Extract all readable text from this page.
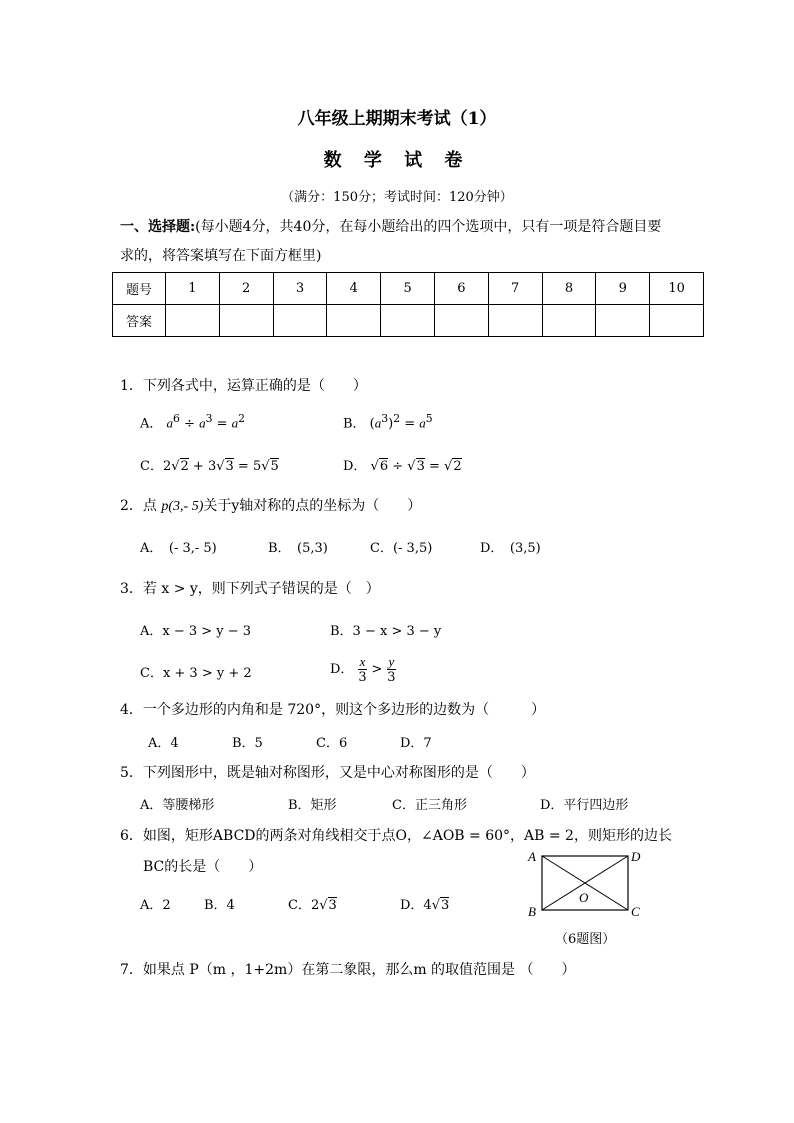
八年级上期期末考试（1）
数 学 试 卷
（满分：150分；考试时间：120分钟）
一、选择题:(每小题4分，共40分，在每小题给出的四个选项中，只有一项是符合题目要
求的，将答案填写在下面方框里)
题号	1	2	3	4	5	6	7	8	9	10
答案										
1．下列各式中，运算正确的是（　　）
A． $a^6 \div a^3 = a^2$	B． $(a^3)^2 = a^5$
C．2√2 + 3√3 = 5√5	D． √6 ÷ √3 = √2
2．点 p(3,- 5)关于y轴对称的点的坐标为（　　）
A．　(- 3,- 5)	B．　(5,3)	C．(- 3,5)	D．　(3,5)
3．若 x > y，则下列式子错误的是（　）
A．x − 3 > y − 3	B．3 − x > 3 − y
C．x + 3 > y + 2	D． $\frac{x}{3} > \frac{y}{3}$
4．一个多边形的内角和是 720°，则这个多边形的边数为（　　　）
A．4	B．5	C．6	D．7
5．下列图形中，既是轴对称图形，又是中心对称图形的是（　　）
A．等腰梯形	B．矩形	C．正三角形	D．平行四边形
6．如图，矩形ABCD的两条对角线相交于点O，∠AOB = 60°，AB = 2，则矩形的边长
BC的长是（　　）
A．2	B．4	C．2√3	D．4√3
A	D
B	C
O
（6题图）
7．如果点 P（m ，1+2m）在第二象限，那么m 的取值范围是 （　　）
